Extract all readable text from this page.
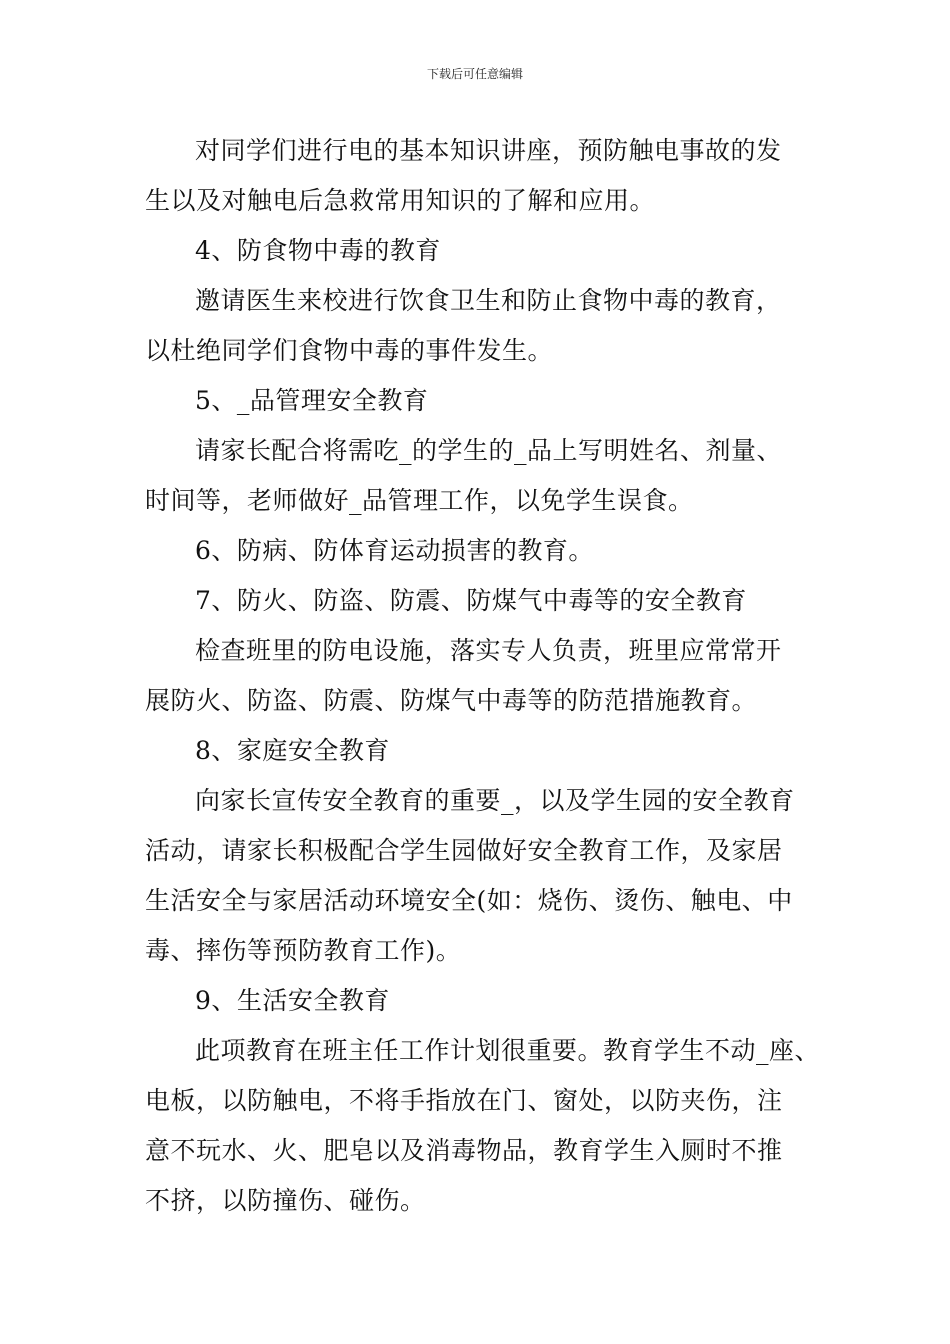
下载后可任意编辑
对同学们进行电的基本知识讲座，预防触电事故的发
生以及对触电后急救常用知识的了解和应用。
4、防食物中毒的教育
邀请医生来校进行饮食卫生和防止食物中毒的教育，
以杜绝同学们食物中毒的事件发生。
5、_品管理安全教育
请家长配合将需吃_的学生的_品上写明姓名、剂量、
时间等，老师做好_品管理工作，以免学生误食。
6、防病、防体育运动损害的教育。
7、防火、防盗、防震、防煤气中毒等的安全教育
检查班里的防电设施，落实专人负责，班里应常常开
展防火、防盗、防震、防煤气中毒等的防范措施教育。
8、家庭安全教育
向家长宣传安全教育的重要_，以及学生园的安全教育
活动，请家长积极配合学生园做好安全教育工作，及家居
生活安全与家居活动环境安全(如：烧伤、烫伤、触电、中
毒、摔伤等预防教育工作)。
9、生活安全教育
此项教育在班主任工作计划很重要。教育学生不动_座、
电板，以防触电，不将手指放在门、窗处，以防夹伤，注
意不玩水、火、肥皂以及消毒物品，教育学生入厕时不推
不挤，以防撞伤、碰伤。
